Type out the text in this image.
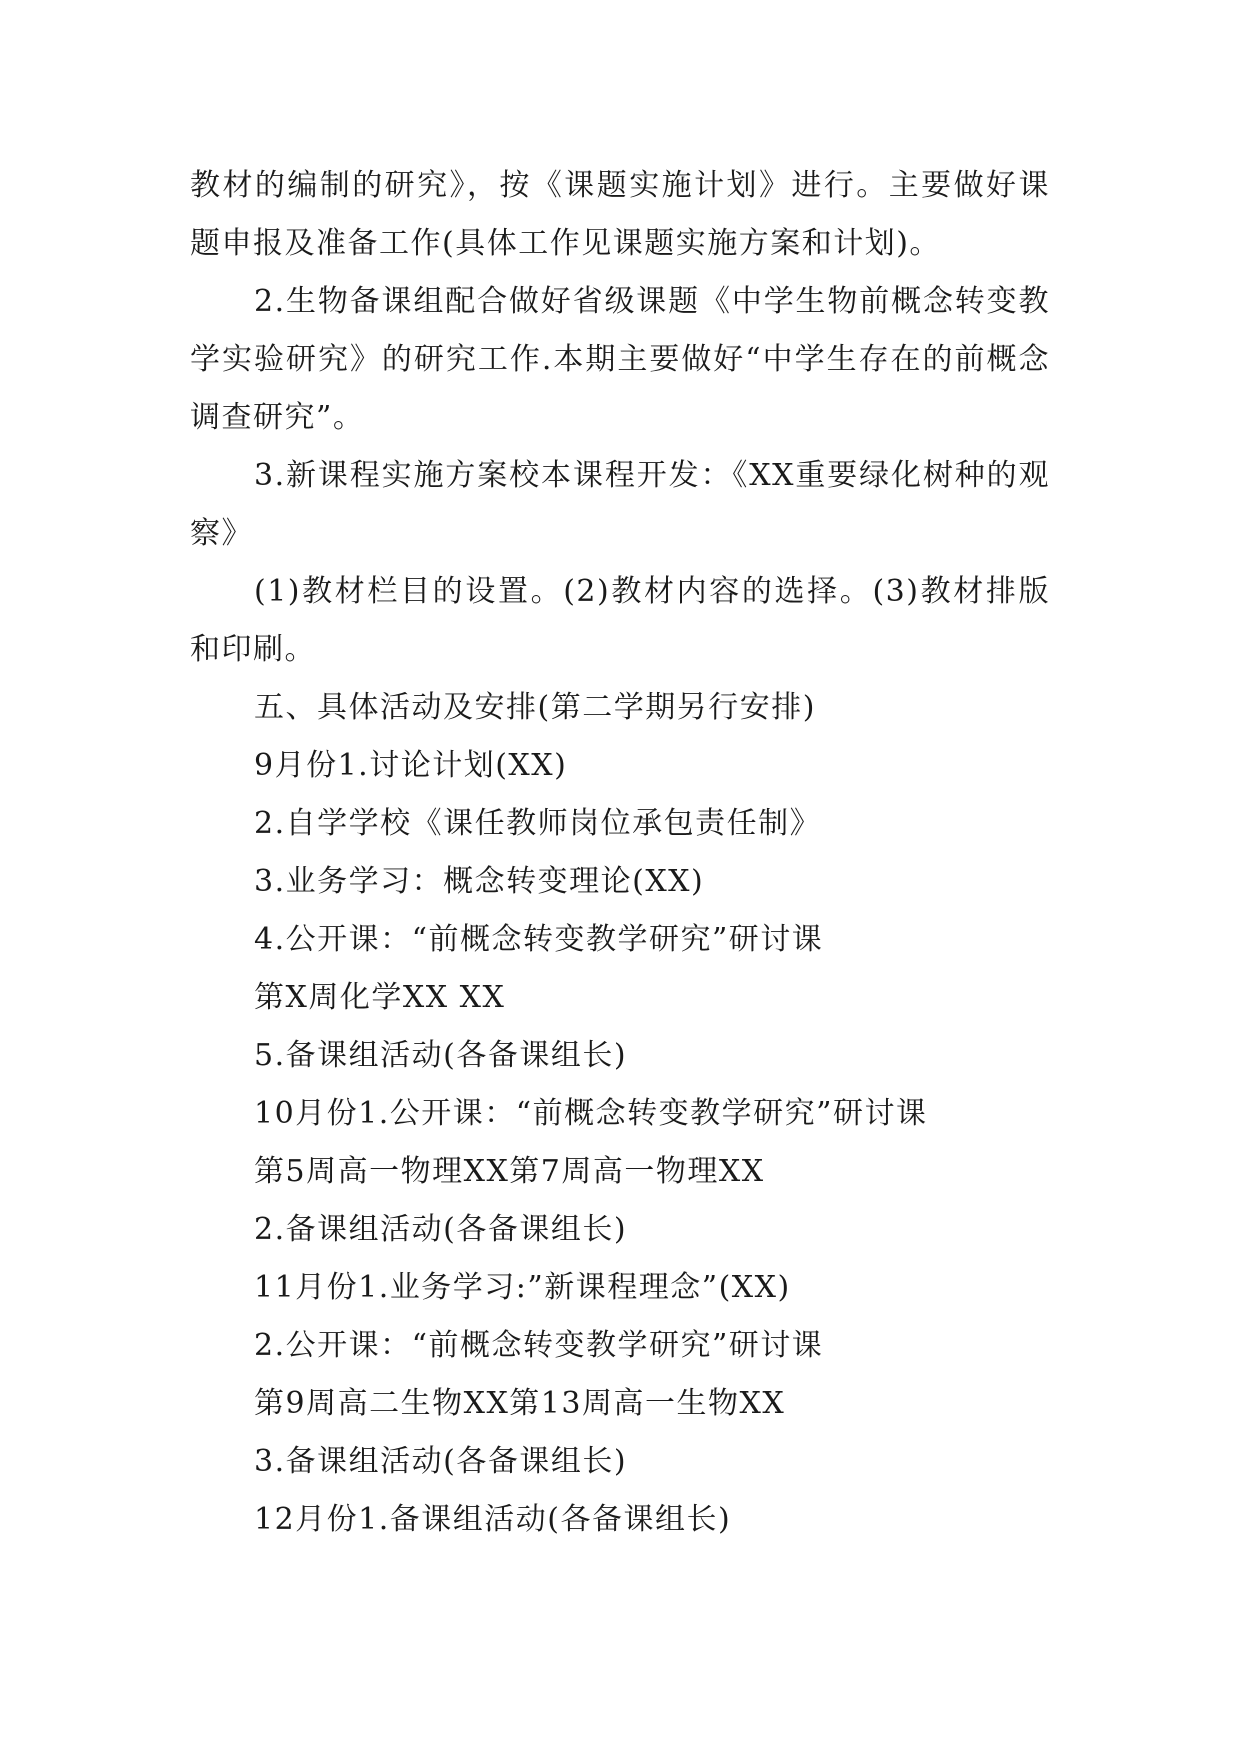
教材的编制的研究》，按《课题实施计划》进行。主要做好课题申报及准备工作(具体工作见课题实施方案和计划)。

2.生物备课组配合做好省级课题《中学生物前概念转变教学实验研究》的研究工作.本期主要做好“中学生存在的前概念调查研究”。

3.新课程实施方案校本课程开发：《XX重要绿化树种的观察》

(1)教材栏目的设置。(2)教材内容的选择。(3)教材排版和印刷。

五、具体活动及安排(第二学期另行安排)

9月份1.讨论计划(XX)

2.自学学校《课任教师岗位承包责任制》

3.业务学习：概念转变理论(XX)

4.公开课：“前概念转变教学研究”研讨课

第X周化学XX XX

5.备课组活动(各备课组长)

10月份1.公开课：“前概念转变教学研究”研讨课

第5周高一物理XX第7周高一物理XX

2.备课组活动(各备课组长)

11月份1.业务学习:”新课程理念”(XX)

2.公开课：“前概念转变教学研究”研讨课

第9周高二生物XX第13周高一生物XX

3.备课组活动(各备课组长)

12月份1.备课组活动(各备课组长)
